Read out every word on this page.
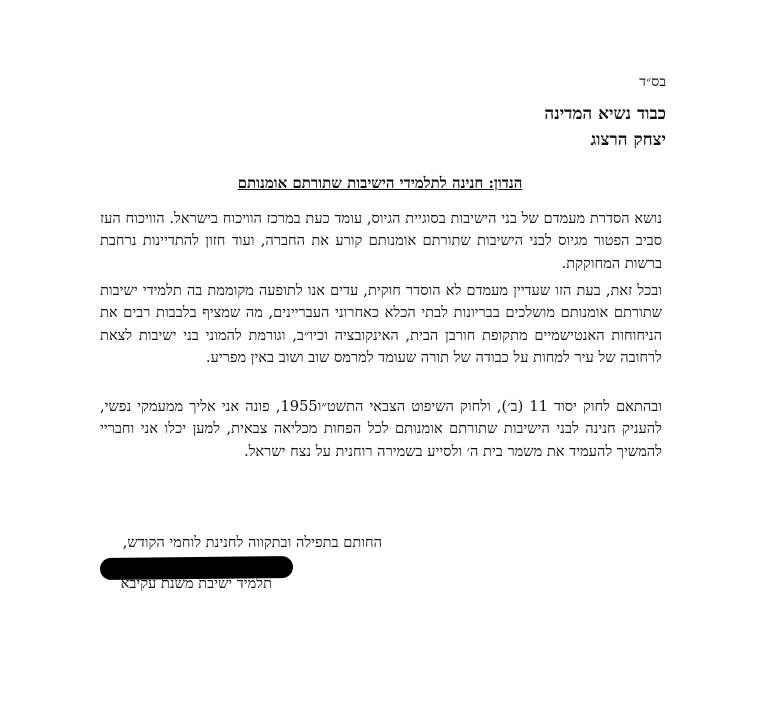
בס״ד
כבוד נשיא המדינה
יצחק הרצוג
הנדון: חנינה לתלמידי הישיבות שתורתם אומנותם
נושא הסדרת מעמדם של בני הישיבות בסוגיית הגיוס, עומד כעת במרכז הוויכוח בישראל. הוויכוח העז סביב הפטור מגיוס לבני הישיבות שתורתם אומנותם קורע את החברה, ועוד חזון להתדיינות נרחבת ברשות המחוקקת.
ובכל זאת, בעת הזו שעדיין מעמדם לא הוסדר חוקית, עדים אנו לתופעה מקוממת בה תלמידי ישיבות שתורתם אומנותם מושלכים בבריונות לבתי הכלא כאחרוני העבריינים, מה שמציף בלבבות רבים את הניחוחות האנטישמיים מתקופת חורבן הבית, האינקובציה וכיו״ב, וגורמת להמוני בני ישיבות לצאת לרחובה של עיר למחות על כבודה של תורה שעומד למרמס שוב ושוב באין מפריע.
ובהתאם לחוק יסוד 11 (ב׳), ולחוק השיפוט הצבאי התשט״ו1955, פונה אני אליך ממעמקי נפשי, להעניק חנינה לבני הישיבות שתורתם אומנותם לכל הפחות מכליאה צבאית, למען יכלו אני וחבריי להמשיך להעמיד את משמר בית ה׳ ולסייע בשמירה רוחנית על נצח ישראל.
החותם בתפילה ובתקווה לחנינת לוחמי הקודש,
תלמיד ישיבת משנת עקיבא
